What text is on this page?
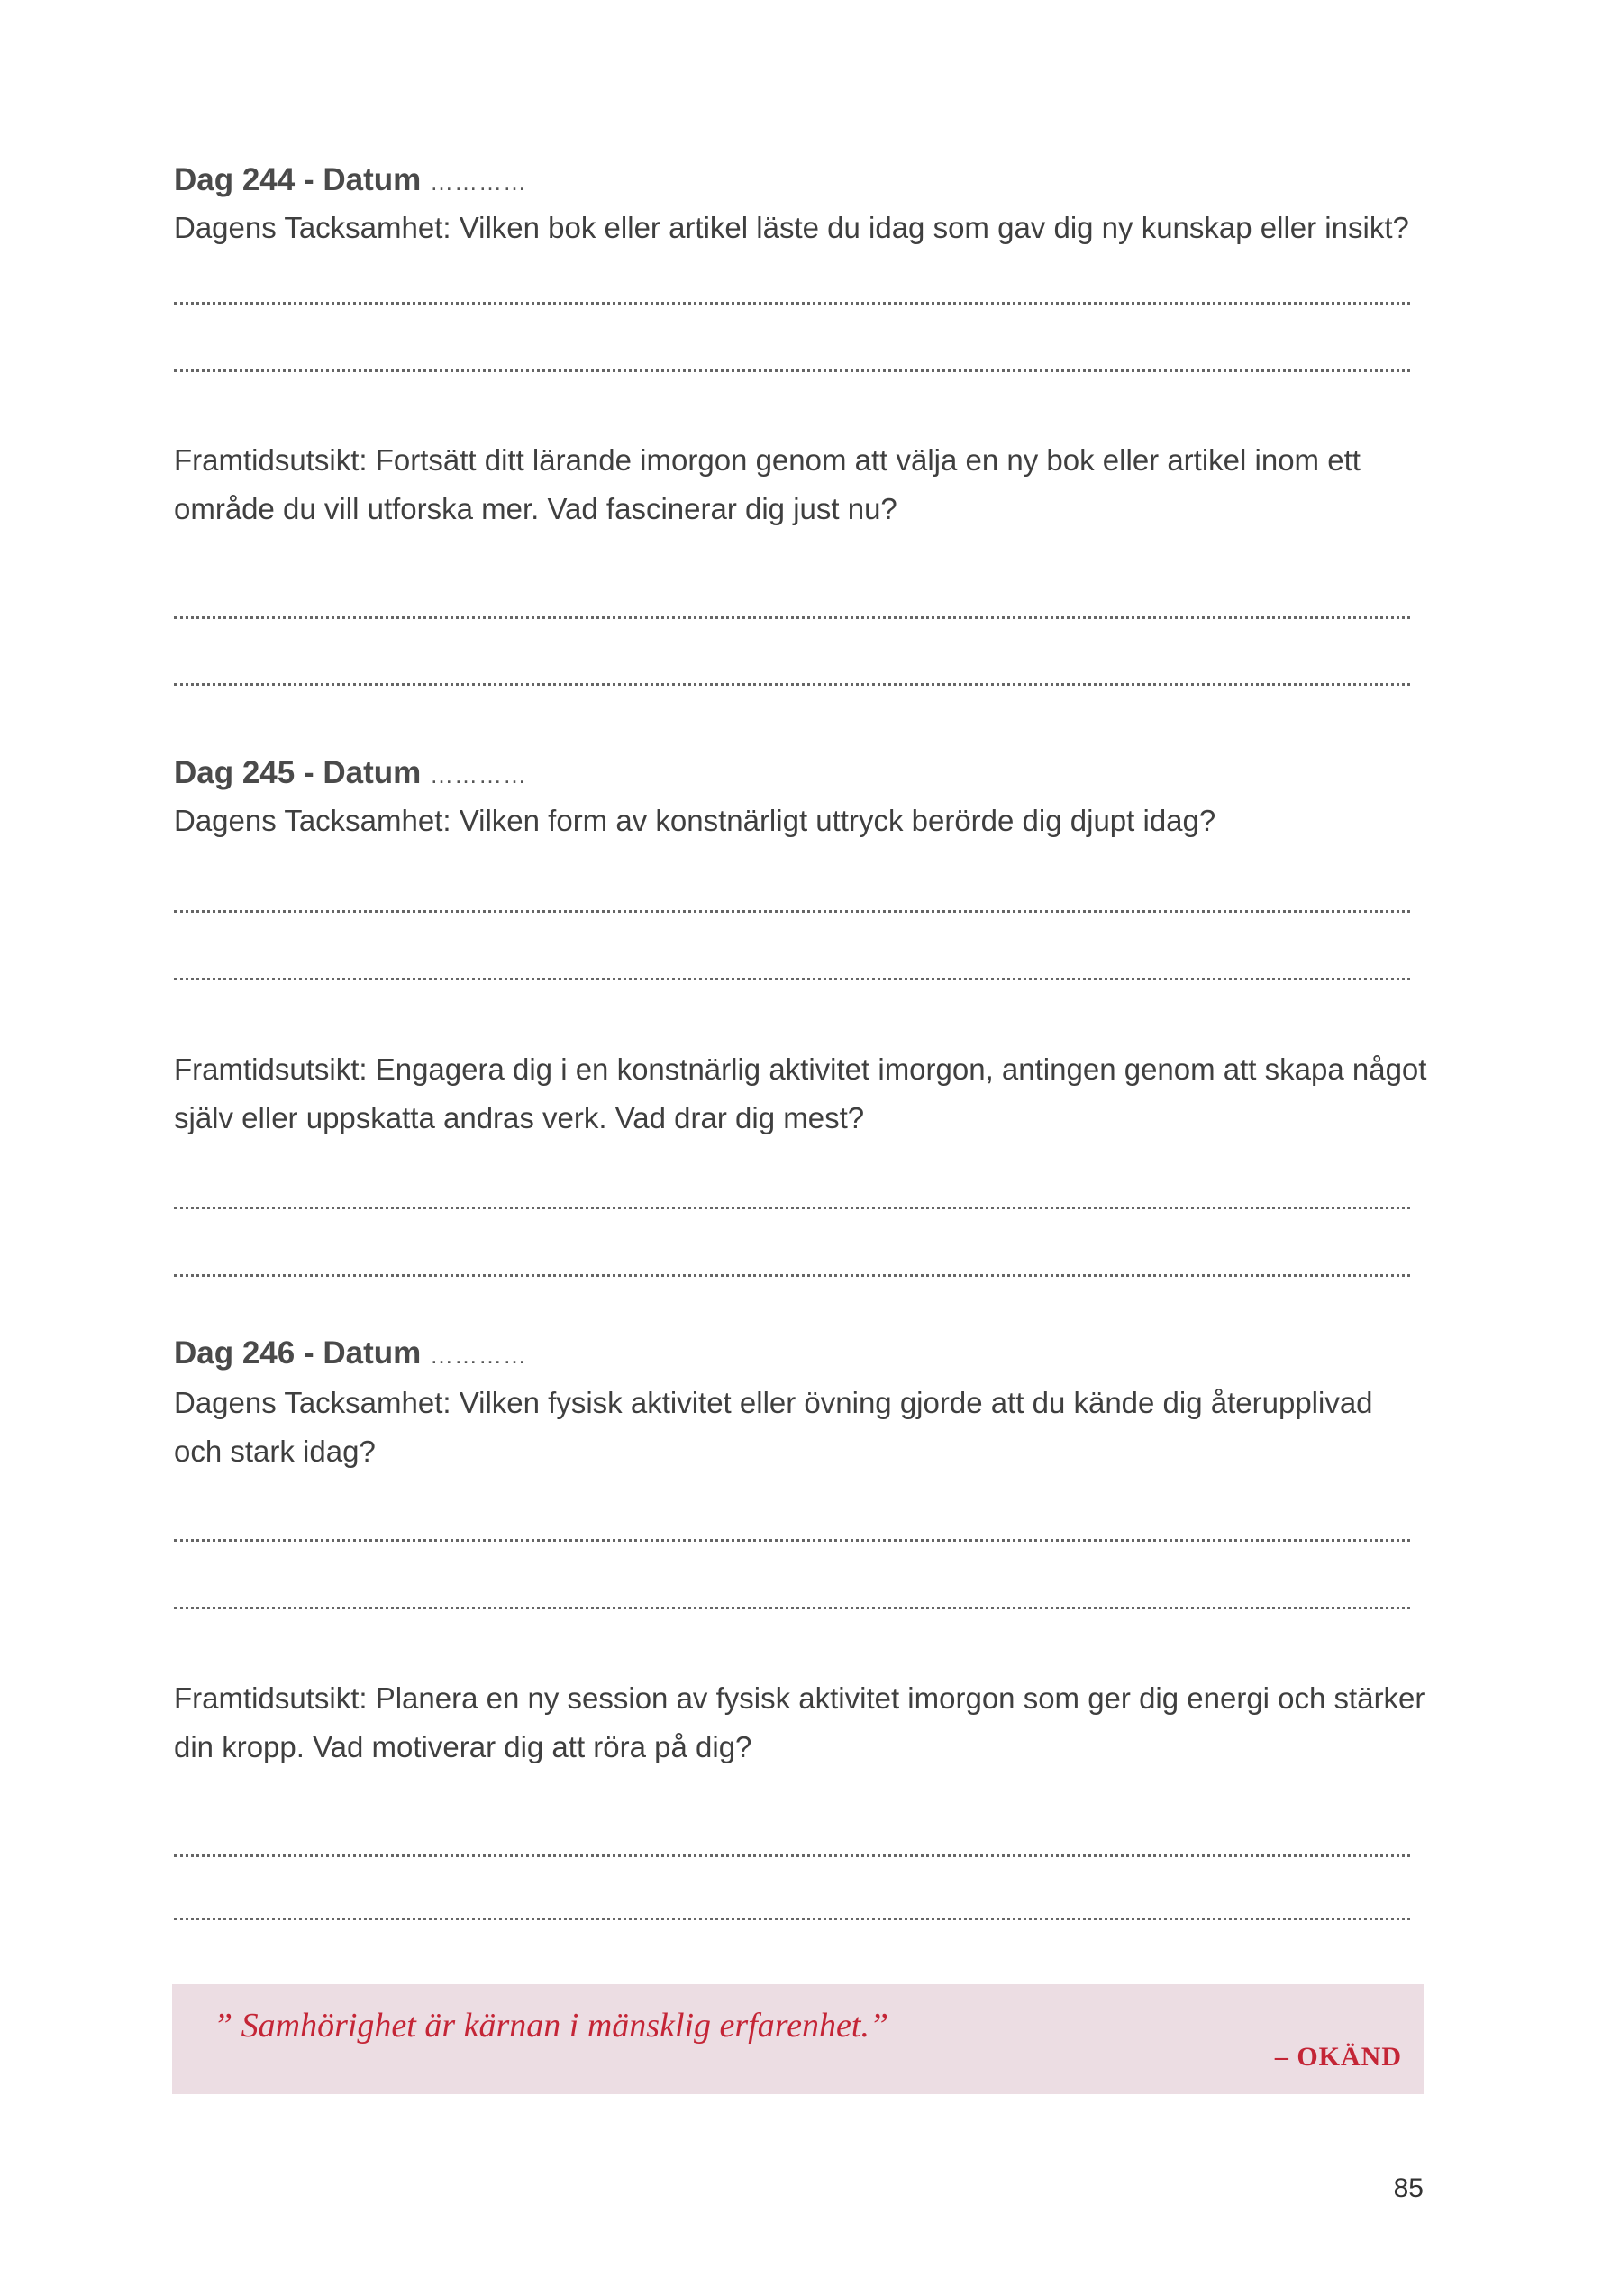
Dag 244 - Datum …………
Dagens Tacksamhet: Vilken bok eller artikel läste du idag som gav dig ny kunskap eller insikt?
Framtidsutsikt: Fortsätt ditt lärande imorgon genom att välja en ny bok eller artikel inom ett
område du vill utforska mer. Vad fascinerar dig just nu?
Dag 245 - Datum …………
Dagens Tacksamhet: Vilken form av konstnärligt uttryck berörde dig djupt idag?
Framtidsutsikt: Engagera dig i en konstnärlig aktivitet imorgon, antingen genom att skapa något
själv eller uppskatta andras verk. Vad drar dig mest?
Dag 246 - Datum …………
Dagens Tacksamhet: Vilken fysisk aktivitet eller övning gjorde att du kände dig återupplivad
och stark idag?
Framtidsutsikt: Planera en ny session av fysisk aktivitet imorgon som ger dig energi och stärker
din kropp. Vad motiverar dig att röra på dig?
” Samhörighet är kärnan i mänsklig erfarenhet.”
– OKÄND
85
